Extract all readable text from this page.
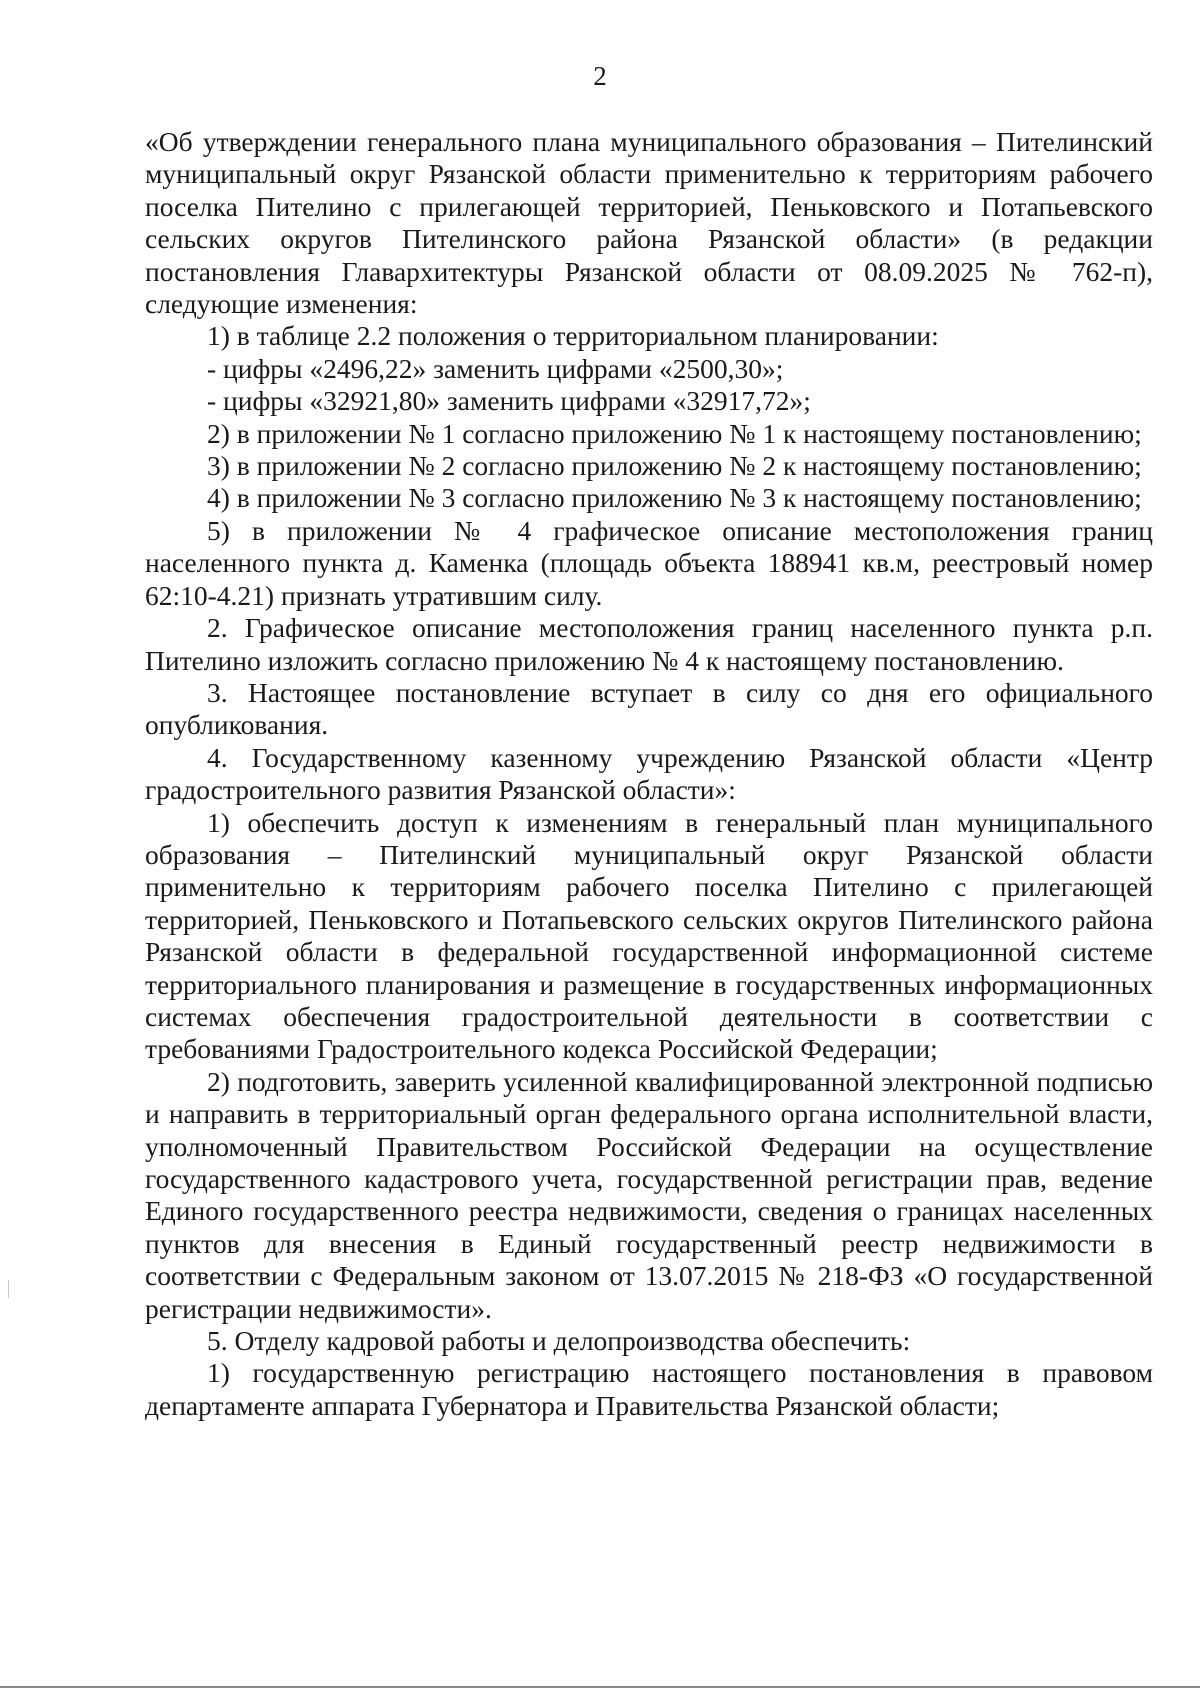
2

«Об утверждении генерального плана муниципального образования – Пителинский муниципальный округ Рязанской области применительно к территориям рабочего поселка Пителино с прилегающей территорией, Пеньковского и Потапьевского сельских округов Пителинского района Рязанской области» (в редакции постановления Главархитектуры Рязанской области от 08.09.2025 № 762-п), следующие изменения:

1) в таблице 2.2 положения о территориальном планировании:

- цифры «2496,22» заменить цифрами «2500,30»;

- цифры «32921,80» заменить цифрами «32917,72»;

2) в приложении № 1 согласно приложению № 1 к настоящему постановлению;

3) в приложении № 2 согласно приложению № 2 к настоящему постановлению;

4) в приложении № 3 согласно приложению № 3 к настоящему постановлению;

5) в приложении № 4 графическое описание местоположения границ населенного пункта д. Каменка (площадь объекта 188941 кв.м, реестровый номер 62:10-4.21) признать утратившим силу.

2. Графическое описание местоположения границ населенного пункта р.п. Пителино изложить согласно приложению № 4 к настоящему постановлению.

3. Настоящее постановление вступает в силу со дня его официального опубликования.

4. Государственному казенному учреждению Рязанской области «Центр градостроительного развития Рязанской области»:

1) обеспечить доступ к изменениям в генеральный план муниципального образования – Пителинский муниципальный округ Рязанской области применительно к территориям рабочего поселка Пителино с прилегающей территорией, Пеньковского и Потапьевского сельских округов Пителинского района Рязанской области в федеральной государственной информационной системе территориального планирования и размещение в государственных информационных системах обеспечения градостроительной деятельности в соответствии с требованиями Градостроительного кодекса Российской Федерации;

2) подготовить, заверить усиленной квалифицированной электронной подписью и направить в территориальный орган федерального органа исполнительной власти, уполномоченный Правительством Российской Федерации на осуществление государственного кадастрового учета, государственной регистрации прав, ведение Единого государственного реестра недвижимости, сведения о границах населенных пунктов для внесения в Единый государственный реестр недвижимости в соответствии с Федеральным законом от 13.07.2015 № 218-ФЗ «О государственной регистрации недвижимости».

5. Отделу кадровой работы и делопроизводства обеспечить:

1) государственную регистрацию настоящего постановления в правовом департаменте аппарата Губернатора и Правительства Рязанской области;
